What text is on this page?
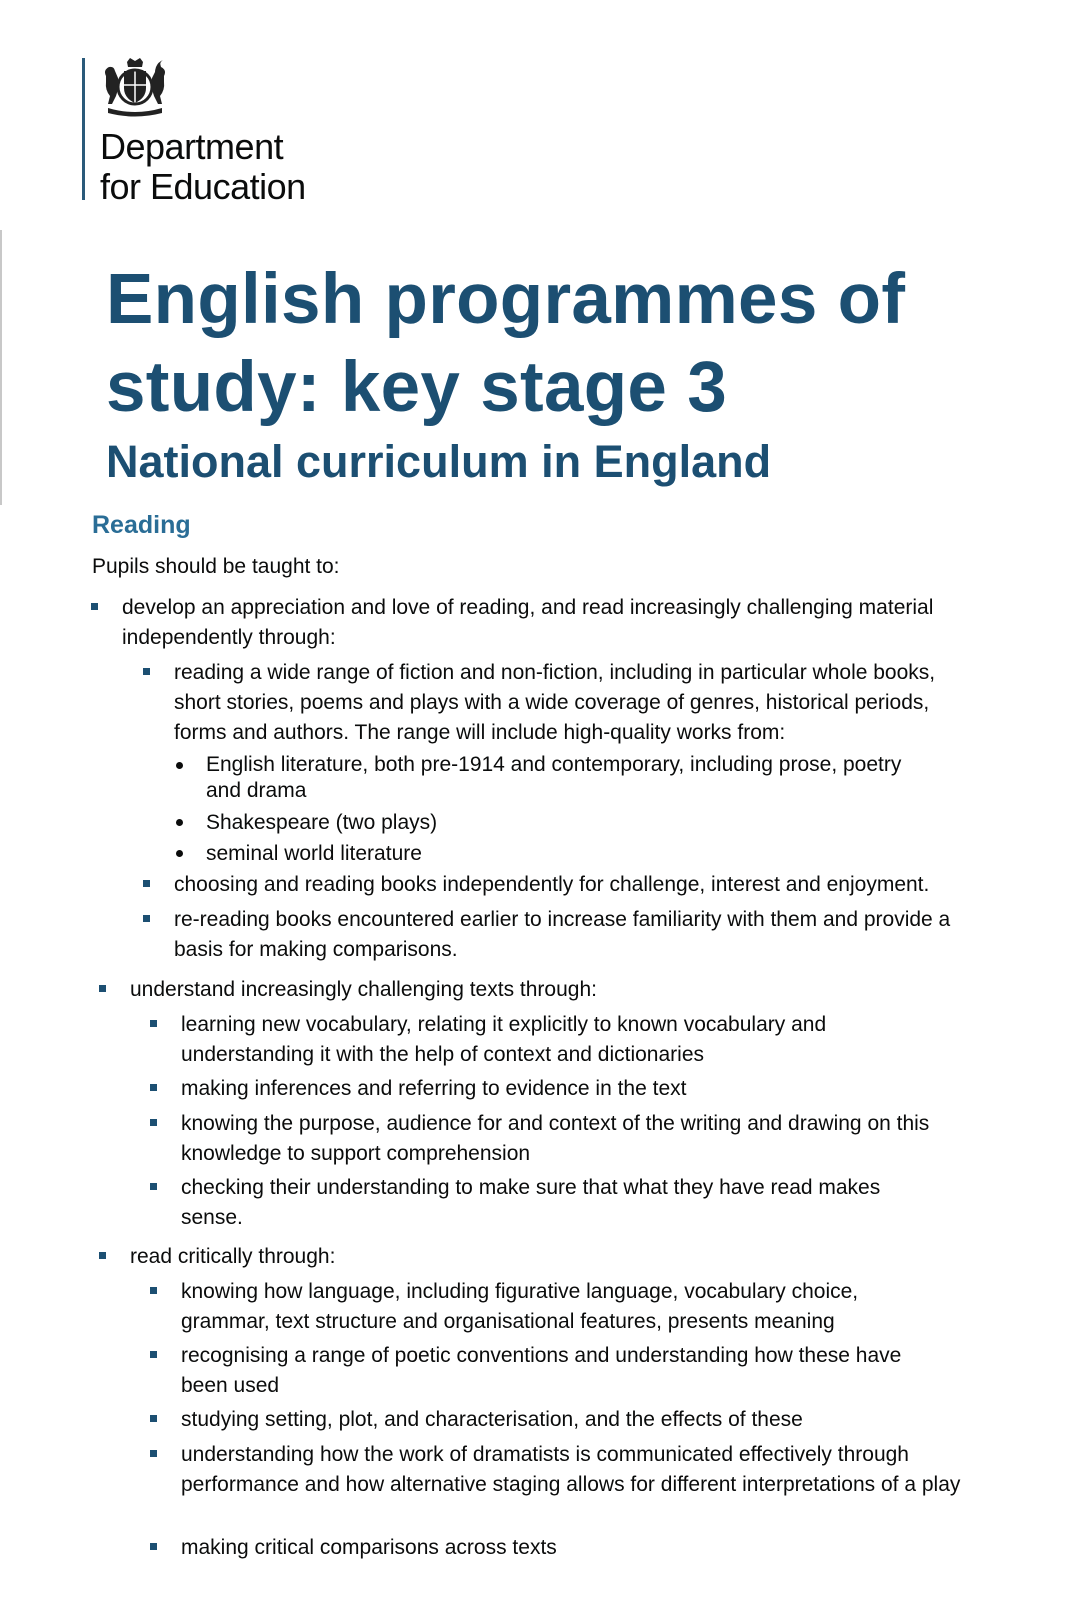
Department
for Education
English programmes of
study: key stage 3
National curriculum in England
Reading

Pupils should be taught to:

develop an appreciation and love of reading, and read increasingly challenging material independently through:
reading a wide range of fiction and non-fiction, including in particular whole books, short stories, poems and plays with a wide coverage of genres, historical periods, forms and authors. The range will include high-quality works from:
English literature, both pre-1914 and contemporary, including prose, poetry and drama
Shakespeare (two plays)
seminal world literature
choosing and reading books independently for challenge, interest and enjoyment.
re-reading books encountered earlier to increase familiarity with them and provide a basis for making comparisons.
understand increasingly challenging texts through:
learning new vocabulary, relating it explicitly to known vocabulary and understanding it with the help of context and dictionaries
making inferences and referring to evidence in the text
knowing the purpose, audience for and context of the writing and drawing on this knowledge to support comprehension
checking their understanding to make sure that what they have read makes sense.
read critically through:
knowing how language, including figurative language, vocabulary choice, grammar, text structure and organisational features, presents meaning
recognising a range of poetic conventions and understanding how these have been used
studying setting, plot, and characterisation, and the effects of these
understanding how the work of dramatists is communicated effectively through performance and how alternative staging allows for different interpretations of a play
making critical comparisons across texts
